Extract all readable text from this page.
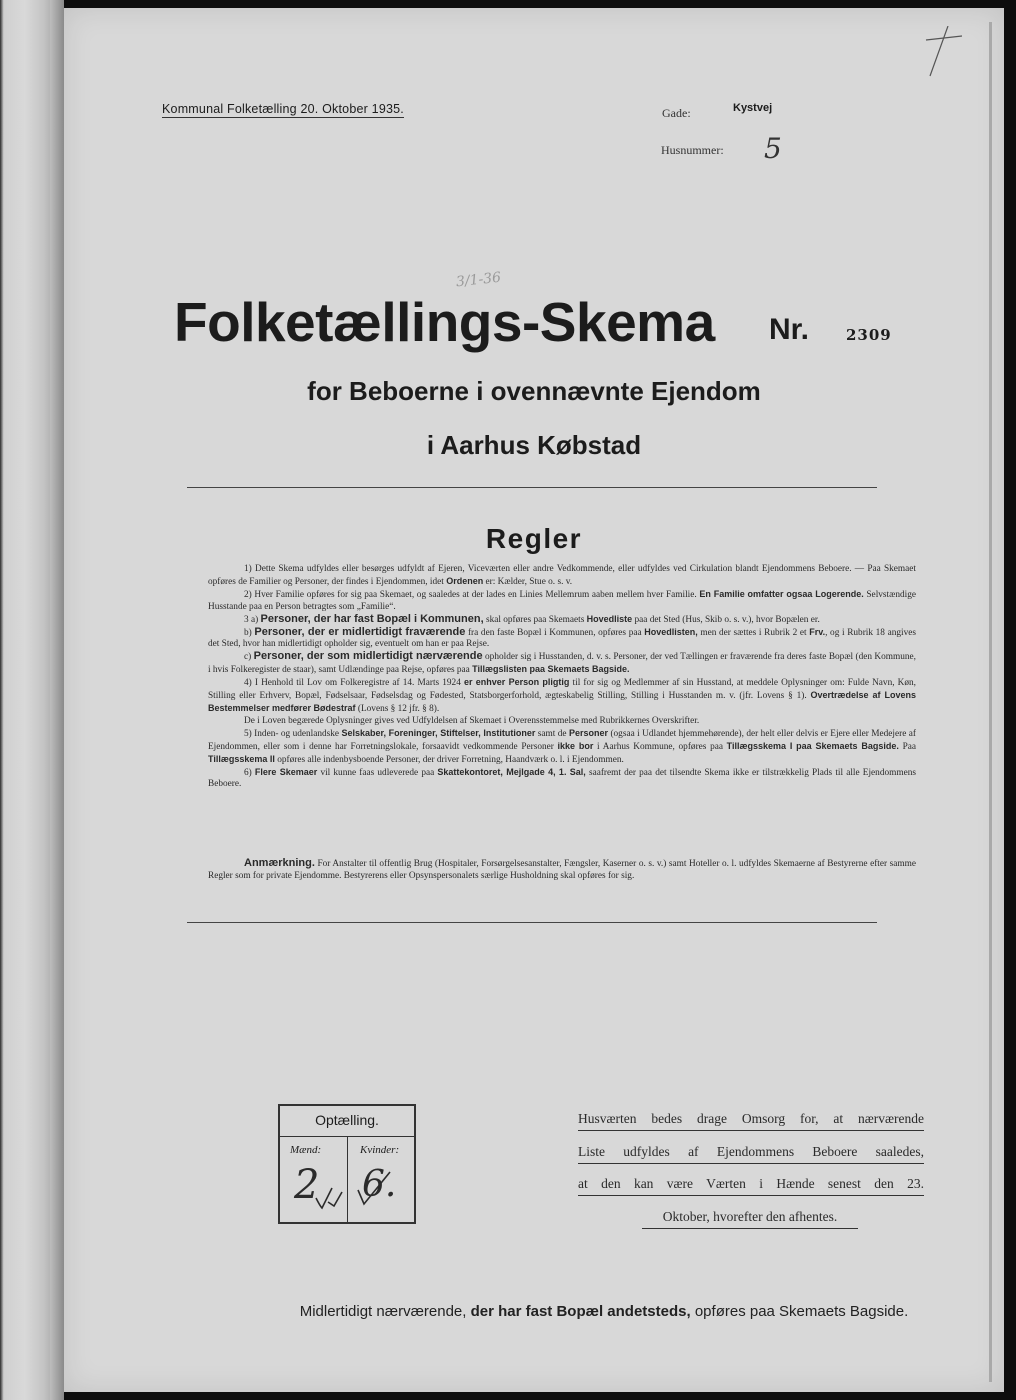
Kommunal Folketælling 20. Oktober 1935.	Gade:	Kystvej
Husnummer: 5
3/1-36
Folketællings-Skema	Nr. 2309
for Beboerne i ovennævnte Ejendom
i Aarhus Købstad
Regler

1) Dette Skema udfyldes eller besørges udfyldt af Ejeren, Viceværten eller andre Vedkommende, eller udfyldes ved Cirkulation blandt Ejendommens Beboere. — Paa Skemaet opføres de Familier og Personer, der findes i Ejendommen, idet Ordenen er: Kælder, Stue o. s. v.

2) Hver Familie opføres for sig paa Skemaet, og saaledes at der lades en Linies Mellemrum aaben mellem hver Familie. En Familie omfatter ogsaa Logerende. Selvstændige Husstande paa en Person betragtes som „Familie“.

3 a) Personer, der har fast Bopæl i Kommunen, skal opføres paa Skemaets Hovedliste paa det Sted (Hus, Skib o. s. v.), hvor Bopælen er.

b) Personer, der er midlertidigt fraværende fra den faste Bopæl i Kommunen, opføres paa Hovedlisten, men der sættes i Rubrik 2 et Frv., og i Rubrik 18 angives det Sted, hvor han midlertidigt opholder sig, eventuelt om han er paa Rejse.

c) Personer, der som midlertidigt nærværende opholder sig i Husstanden, d. v. s. Personer, der ved Tællingen er fraværende fra deres faste Bopæl (den Kommune, i hvis Folkeregister de staar), samt Udlændinge paa Rejse, opføres paa Tillægslisten paa Skemaets Bagside.

4) I Henhold til Lov om Folkeregistre af 14. Marts 1924 er enhver Person pligtig til for sig og Medlemmer af sin Husstand, at meddele Oplysninger om: Fulde Navn, Køn, Stilling eller Erhverv, Bopæl, Fødselsaar, Fødselsdag og Fødested, Statsborgerforhold, ægteskabelig Stilling, Stilling i Husstanden m. v. (jfr. Lovens § 1). Overtrædelse af Lovens Bestemmelser medfører Bødestraf (Lovens § 12 jfr. § 8).

De i Loven begærede Oplysninger gives ved Udfyldelsen af Skemaet i Overensstemmelse med Rubrikkernes Overskrifter.

5) Inden- og udenlandske Selskaber, Foreninger, Stiftelser, Institutioner samt de Personer (ogsaa i Udlandet hjemmehørende), der helt eller delvis er Ejere eller Medejere af Ejendommen, eller som i denne har Forretningslokale, forsaavidt vedkommende Personer ikke bor i Aarhus Kommune, opføres paa Tillægsskema I paa Skemaets Bagside. Paa Tillægsskema II opføres alle indenbysboende Personer, der driver Forretning, Haandværk o. l. i Ejendommen.

6) Flere Skemaer vil kunne faas udleverede paa Skattekontoret, Mejlgade 4, 1. Sal, saafremt der paa det tilsendte Skema ikke er tilstrækkelig Plads til alle Ejendommens Beboere.

Anmærkning. For Anstalter til offentlig Brug (Hospitaler, Forsørgelsesanstalter, Fængsler, Kaserner o. s. v.) samt Hoteller o. l. udfyldes Skemaerne af Bestyrerne efter samme Regler som for private Ejendomme. Bestyrerens eller Opsynspersonalets særlige Husholdning skal opføres for sig.
Optælling.
Mænd:	Kvinder:
2 6.
Husværten bedes drage Omsorg for, at nærværende
Liste udfyldes af Ejendommens Beboere saaledes,
at den kan være Værten i Hænde senest den 23.
Oktober, hvorefter den afhentes.
Midlertidigt nærværende, der har fast Bopæl andetsteds, opføres paa Skemaets Bagside.
